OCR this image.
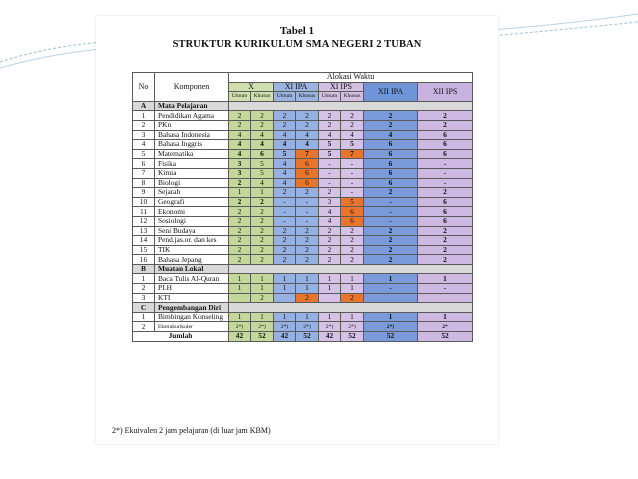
Tabel 1
STRUKTUR KURIKULUM SMA NEGERI 2 TUBAN
No	Komponen	Alokasi Waktu							
		X		XI IPA		XI IPS		XII IPA	XII IPS
		Umum	Khusus	Umum	Khusus	Umum	Khusus		
A	Mata Pelajaran								
1	Pendidikan Agama	2	2	2	2	2	2	2	2
2	PKn	2	2	2	2	2	2	2	2
3	Bahasa Indonesia	4	4	4	4	4	4	4	6
4	Bahasa Inggris	4	4	4	4	5	5	6	6
5	Matematika	4	6	5	7	5	7	6	6
6	Fisika	3	5	4	6	-	-	6	-
7	Kimia	3	5	4	6	-	-	6	-
8	Biologi	2	4	4	6	-	-	6	-
9	Sejarah	1	1	2	2	2	-	2	2
10	Geografi	2	2	-	-	3	5	-	6
11	Ekonomi	2	2	-	-	4	6	-	6
12	Sosiologi	2	2	-	-	4	6	-	6
13	Seni Budaya	2	2	2	2	2	2	2	2
14	Pend.jas.or. dan kes	2	2	2	2	2	2	2	2
15	TIK	2	2	2	2	2	2	2	2
16	Bahasa Jepang	2	2	2	2	2	2	2	2
B	Muatan Lokal								
1	Baca Tulis Al-Quran	1	1	1	1	1	1	1	1
2	PLH	1	1	1	1	1	1	-	-
3	KTI		2		2		2		
C	Pengembangan Diri								
1	Bimbingan Konseling	1	1	1	1	1	1	1	1
2	Ekstrakurikuler	2*)	2*)	2*)	2*)	2*)	2*)	2*)	2*
Jumlah		42	52	42	52	42	52	52	52
2*) Ekuivalen 2 jam pelajaran (di luar jam KBM)
